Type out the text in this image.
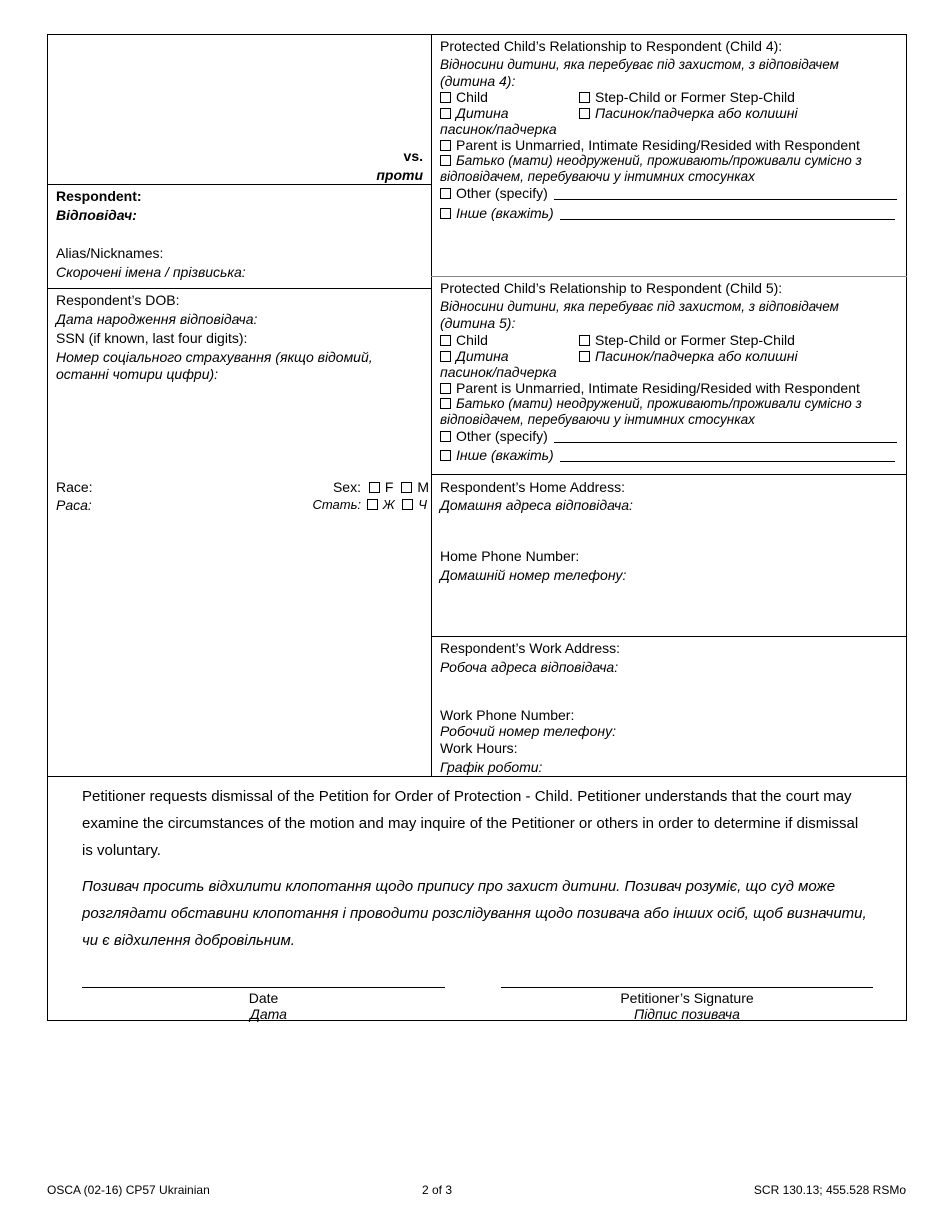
vs.
проти
Respondent:
Відповідач:
Alias/Nicknames:
Скорочені імена / прізвиська:
Respondent’s DOB:
Дата народження відповідача:
SSN (if known, last four digits):
Номер соціального страхування (якщо відомий,
останні чотири цифри):
Race:
Раса:
Sex: F M
Стать: Ж Ч
Protected Child’s Relationship to Respondent (Child 4):
Відносини дитини, яка перебуває під захистом, з відповідачем
(дитина 4):
Child	Step-Child or Former Step-Child
Дитина	Пасинок/падчерка або колишні
пасинок/падчерка
Parent is Unmarried, Intimate Residing/Resided with Respondent
Батько (мати) неодружений, проживають/проживали сумісно з
відповідачем, перебуваючи у інтимних стосунках
Other (specify)
Інше (вкажіть)
Protected Child’s Relationship to Respondent (Child 5):
Відносини дитини, яка перебуває під захистом, з відповідачем
(дитина 5):
Child	Step-Child or Former Step-Child
Дитина	Пасинок/падчерка або колишні
пасинок/падчерка
Parent is Unmarried, Intimate Residing/Resided with Respondent
Батько (мати) неодружений, проживають/проживали сумісно з
відповідачем, перебуваючи у інтимних стосунках
Other (specify)
Інше (вкажіть)
Respondent’s Home Address:
Домашня адреса відповідача:
Home Phone Number:
Домашній номер телефону:
Respondent’s Work Address:
Робоча адреса відповідача:
Work Phone Number:
Робочий номер телефону:
Work Hours:
Графік роботи:
Petitioner requests dismissal of the Petition for Order of Protection - Child. Petitioner understands that the court may examine the circumstances of the motion and may inquire of the Petitioner or others in order to determine if dismissal is voluntary.
Позивач просить відхилити клопотання щодо припису про захист дитини. Позивач розуміє, що суд може розглядати обставини клопотання і проводити розслідування щодо позивача або інших осіб, щоб визначити, чи є відхилення добровільним.
Date
Дата
Petitioner’s Signature
Підпис позивача
OSCA (02-16) CP57 Ukrainian	2 of 3	SCR 130.13; 455.528 RSMo
